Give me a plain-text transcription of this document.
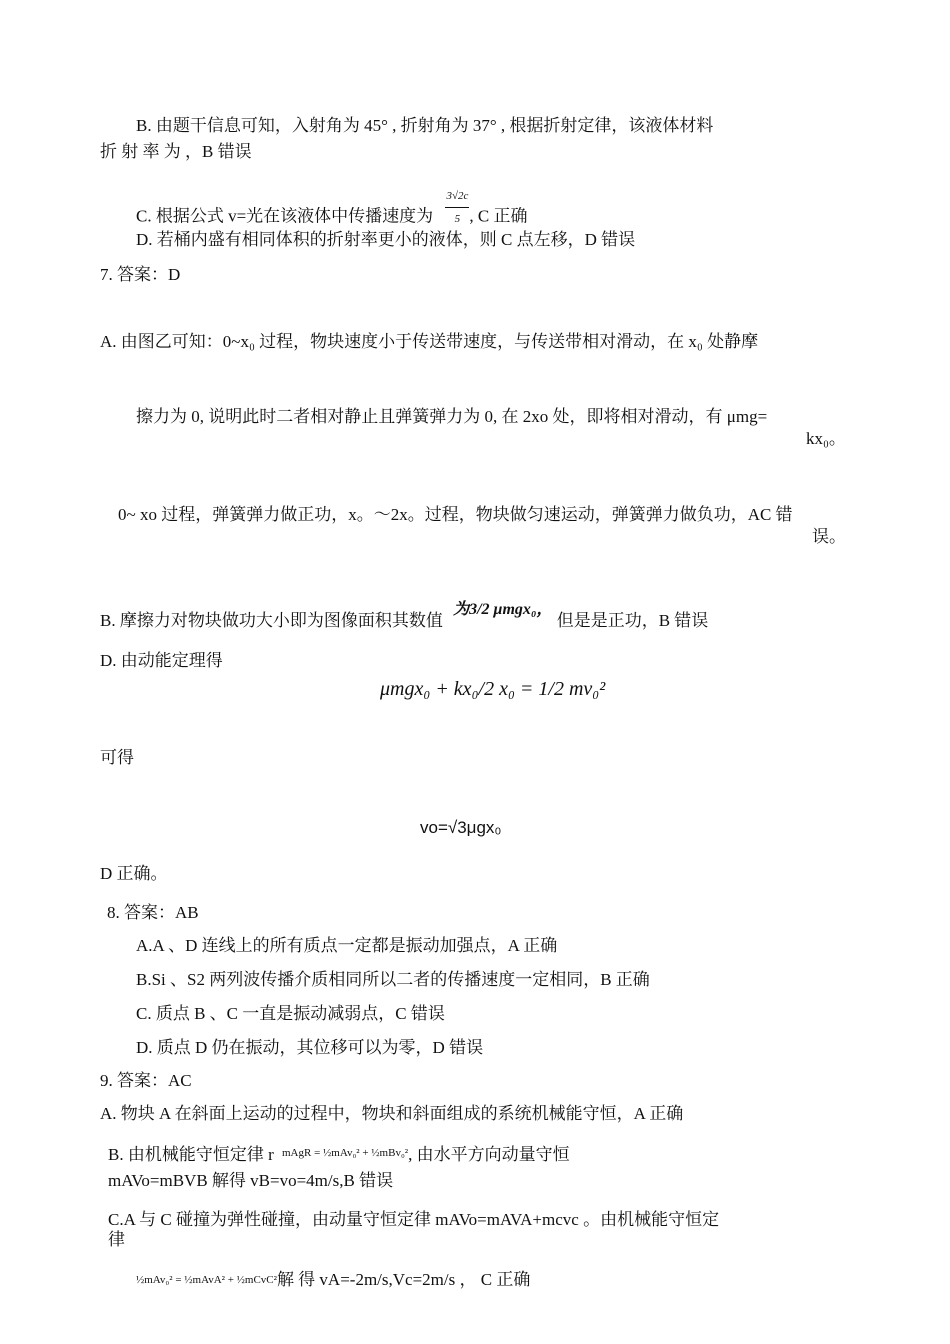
B. 由题干信息可知，入射角为 45° , 折射角为 37° , 根据折射定律，该液体材料
折 射 率 为 ，B 错误
C. 根据公式 v=光在该液体中传播速度为 $\frac{3√2c}{5}$ , C 正确
D. 若桶内盛有相同体积的折射率更小的液体，则 C 点左移，D 错误
7. 答案：D
A. 由图乙可知：0~x₀ 过程，物块速度小于传送带速度，与传送带相对滑动，在 x₀ 处静摩
擦力为 0, 说明此时二者相对静止且弹簧弹力为 0, 在 2xo 处，即将相对滑动，有 μmg=
kx₀。
0~ xo 过程，弹簧弹力做正功，x。～2x。过程，物块做匀速运动，弹簧弹力做负功，AC 错
误。
B. 摩擦力对物块做功大小即为图像面积其数值 为3/2 μmgx₀， 但是是正功，B 错误
D. 由动能定理得
μmgx₀ + kx₀/2 x₀ = 1/2 mv₀²
可得
vo=√3μgx₀
D 正确。
8. 答案：AB
A.A 、D 连线上的所有质点一定都是振动加强点，A 正确
B.Si 、S2 两列波传播介质相同所以二者的传播速度一定相同，B 正确
C. 质点 B 、C 一直是振动减弱点，C 错误
D. 质点 D 仍在振动，其位移可以为零，D 错误
9. 答案：AC
A. 物块 A 在斜面上运动的过程中，物块和斜面组成的系统机械能守恒，A 正确
B. 由机械能守恒定律 r mAgR = ½mAv₀² + ½mBv₀², 由水平方向动量守恒
mAVo=mBVB 解得 vB=vo=4m/s,B 错误
C.A 与 C 碰撞为弹性碰撞，由动量守恒定律 mAVo=mAVA+mcvc 。由机械能守恒定
律
½mAv₀² = ½mAvA² + ½mCvC²解 得 vA=-2m/s,Vc=2m/s ， C 正确
